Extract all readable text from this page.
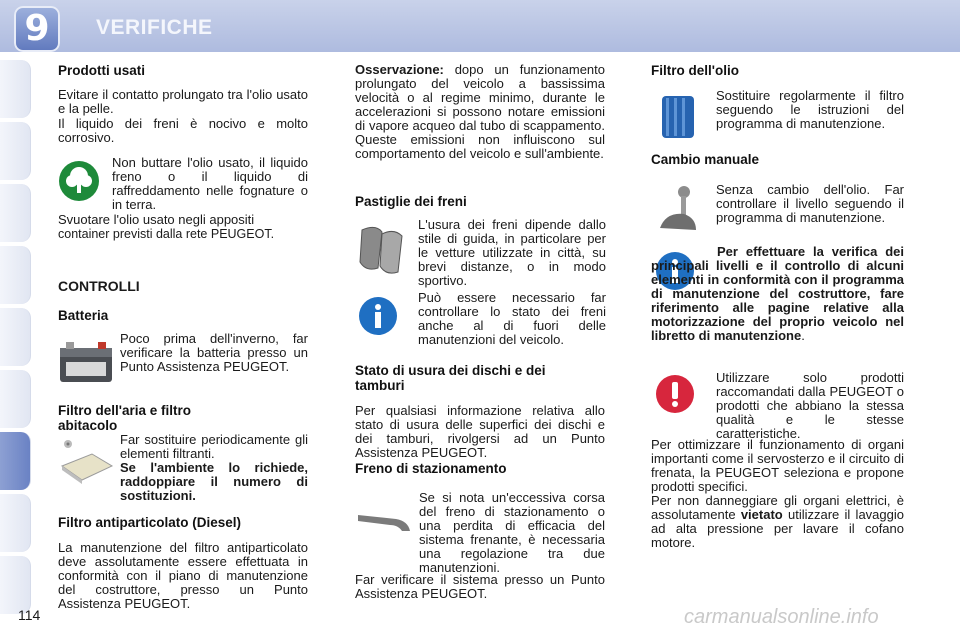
9	VERIFICHE
Prodotti usati

Evitare il contatto prolungato tra l'olio usato e la pelle.

Il liquido dei freni è nocivo e molto corrosivo.

Non buttare l'olio usato, il liquido freno o il liquido di raffreddamento nelle fognature o in terra.

Svuotare l'olio usato negli appositi

container previsti dalla rete PEUGEOT.

CONTROLLI
Batteria

Poco prima dell'inverno, far verificare la batteria presso un Punto Assistenza PEUGEOT.

Filtro dell'aria e filtro
abitacolo

Far sostituire periodicamente gli elementi filtranti.

Se l'ambiente lo richiede, raddoppiare il numero di sostituzioni.

Filtro antiparticolato (Diesel)

La manutenzione del filtro antiparticolato deve assolutamente essere effettuata in conformità con il piano di manutenzione del costruttore, presso un Punto Assistenza PEUGEOT.

Osservazione: dopo un funzionamento prolungato del veicolo a bassissima velocità o al regime minimo, durante le accelerazioni si possono notare emissioni di vapore acqueo dal tubo di scappamento. Queste emissioni non influiscono sul comportamento del veicolo e sull'ambiente.

Pastiglie dei freni

L'usura dei freni dipende dallo stile di guida, in particolare per le vetture utilizzate in città, su brevi distanze, o in modo sportivo.

Può essere necessario far controllare lo stato dei freni anche al di fuori delle manutenzioni del veicolo.

Stato di usura dei dischi e dei
tamburi

Per qualsiasi informazione relativa allo stato di usura delle superfici dei dischi e dei tamburi, rivolgersi ad un Punto Assistenza PEUGEOT.

Freno di stazionamento

Se si nota un'eccessiva corsa del freno di stazionamento o una perdita di efficacia del sistema frenante, è necessaria una regolazione tra due manutenzioni.

Far verificare il sistema presso un Punto Assistenza PEUGEOT.

Filtro dell'olio

Sostituire regolarmente il filtro seguendo le istruzioni del programma di manutenzione.

Cambio manuale

Senza cambio dell'olio. Far controllare il livello seguendo il programma di manutenzione.

Per effettuare la verifica dei principali livelli e il controllo di alcuni elementi in conformità con il programma di manutenzione del costruttore, fare riferimento alle pagine relative alla motorizzazione del proprio veicolo nel libretto di manutenzione.

Utilizzare solo prodotti raccomandati dalla PEUGEOT o prodotti che abbiano la stessa qualità e le stesse caratteristiche.

Per ottimizzare il funzionamento di organi importanti come il servosterzo e il circuito di frenata, la PEUGEOT seleziona e propone prodotti specifici.

Per non danneggiare gli organi elettrici, è assolutamente vietato utilizzare il lavaggio ad alta pressione per lavare il cofano motore.

114	carmanualsonline.info
